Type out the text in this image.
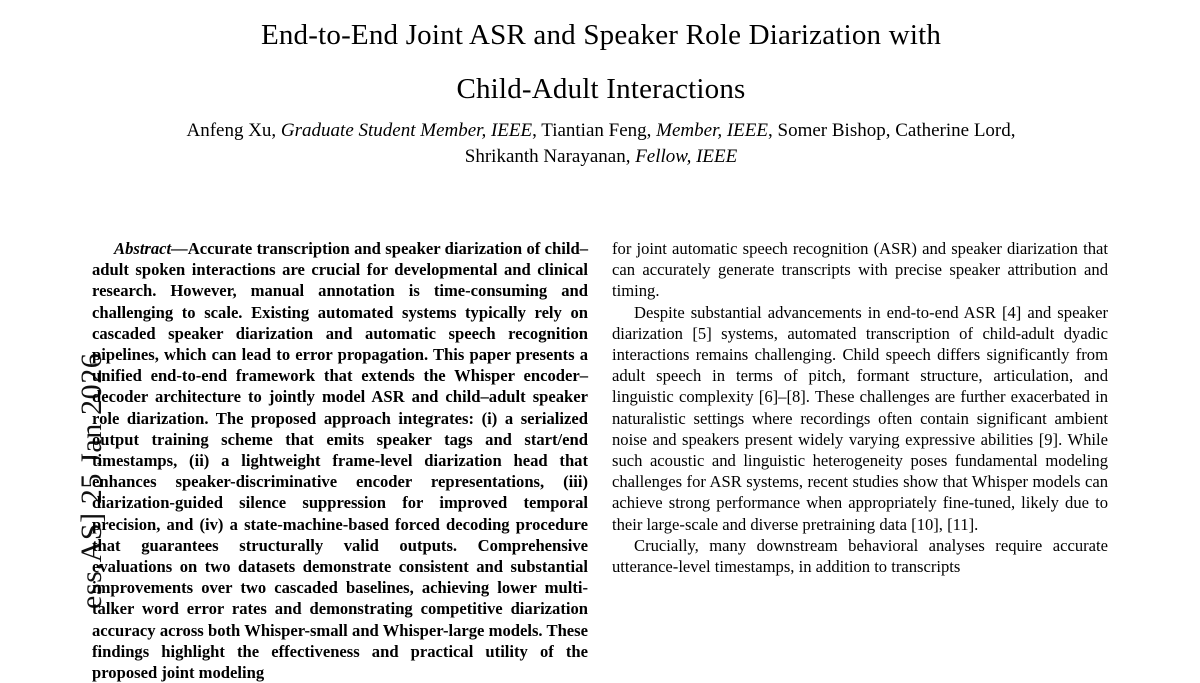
ess.AS] 25 Jan 2026
End-to-End Joint ASR and Speaker Role Diarization with
Child-Adult Interactions
Anfeng Xu, Graduate Student Member, IEEE, Tiantian Feng, Member, IEEE, Somer Bishop, Catherine Lord,
Shrikanth Narayanan, Fellow, IEEE

Abstract—Accurate transcription and speaker diarization of child–adult spoken interactions are crucial for developmental and clinical research. However, manual annotation is time-consuming and challenging to scale. Existing automated systems typically rely on cascaded speaker diarization and automatic speech recognition pipelines, which can lead to error propagation. This paper presents a unified end-to-end framework that extends the Whisper encoder–decoder architecture to jointly model ASR and child–adult speaker role diarization. The proposed approach integrates: (i) a serialized output training scheme that emits speaker tags and start/end timestamps, (ii) a lightweight frame-level diarization head that enhances speaker-discriminative encoder representations, (iii) diarization-guided silence suppression for improved temporal precision, and (iv) a state-machine-based forced decoding procedure that guarantees structurally valid outputs. Comprehensive evaluations on two datasets demonstrate consistent and substantial improvements over two cascaded baselines, achieving lower multi-talker word error rates and demonstrating competitive diarization accuracy across both Whisper-small and Whisper-large models. These findings highlight the effectiveness and practical utility of the proposed joint modeling

for joint automatic speech recognition (ASR) and speaker diarization that can accurately generate transcripts with precise speaker attribution and timing.

Despite substantial advancements in end-to-end ASR [4] and speaker diarization [5] systems, automated transcription of child-adult dyadic interactions remains challenging. Child speech differs significantly from adult speech in terms of pitch, formant structure, articulation, and linguistic complexity [6]–[8]. These challenges are further exacerbated in naturalistic settings where recordings often contain significant ambient noise and speakers present widely varying expressive abilities [9]. While such acoustic and linguistic heterogeneity poses fundamental modeling challenges for ASR systems, recent studies show that Whisper models can achieve strong performance when appropriately fine-tuned, likely due to their large-scale and diverse pretraining data [10], [11].

Crucially, many downstream behavioral analyses require accurate utterance-level timestamps, in addition to transcripts
